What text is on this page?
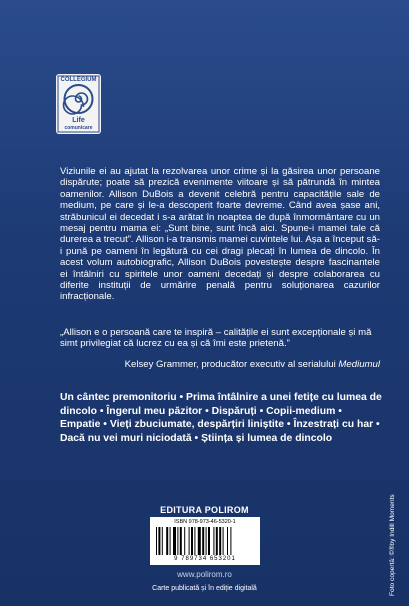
COLLEGIUM
Life
comunicare
Viziunile ei au ajutat la rezolvarea unor crime și la găsirea unor persoane dispărute; poate să prezică evenimente viitoare și să pătrundă în mintea oamenilor. Allison DuBois a devenit celebră pentru capacitățile sale de medium, pe care și le-a descoperit foarte devreme. Când avea șase ani, străbunicul ei decedat i s-a arătat în noaptea de după înmormântare cu un mesaj pentru mama ei: „Sunt bine, sunt încă aici. Spune-i mamei tale că durerea a trecut”. Allison i-a transmis mamei cuvintele lui. Așa a început să-i pună pe oameni în legătură cu cei dragi plecați în lumea de dincolo. În acest volum autobiografic, Allison DuBois povestește despre fascinantele ei întâlniri cu spiritele unor oameni decedați și despre colaborarea cu diferite instituții de urmărire penală pentru soluționarea cazurilor infracționale.
„Allison e o persoană care te inspiră – calitățile ei sunt excepționale și mă simt privilegiat că lucrez cu ea și că îmi este prietenă.”
Kelsey Grammer, producător executiv al serialului Mediumul
Un cântec premonitoriu • Prima întâlnire a unei fetițe cu lumea de dincolo • Îngerul meu păzitor • Dispăruți • Copii-medium • Empatie • Vieți zbuciumate, despărțiri liniștite • Înzestrați cu har • Dacă nu vei muri niciodată • Știința și lumea de dincolo
EDITURA POLIROM
ISBN 978-973-46-5320-1
9 789734 653201
www.polirom.ro
Carte publicată și în ediție digitală	Foto copertă: ©®by Indill Moments
